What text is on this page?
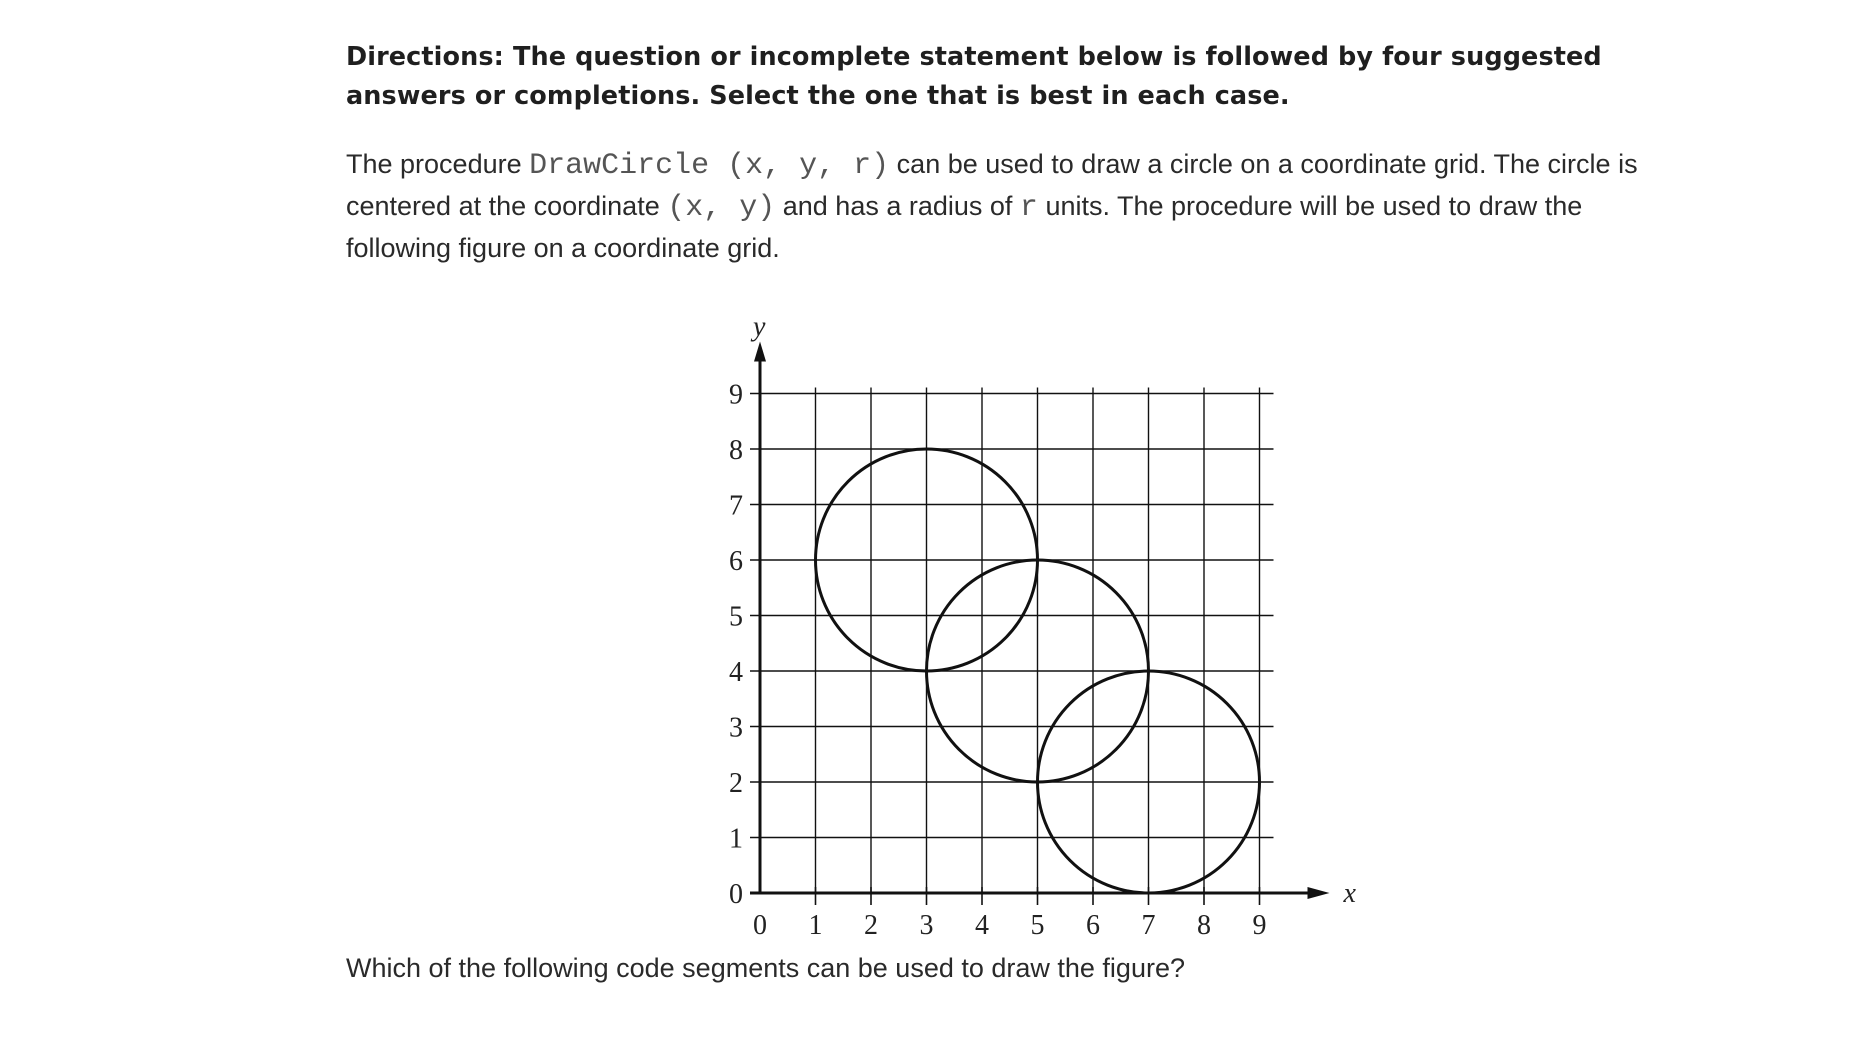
Directions: The question or incomplete statement below is followed by four suggested answers or completions. Select the one that is best in each case.

The procedure DrawCircle (x, y, r) can be used to draw a circle on a coordinate grid. The circle is centered at the coordinate (x, y) and has a radius of r units. The procedure will be used to draw the following figure on a coordinate grid.

0 1 2 3 4 5 6 7 8 9
0
1
2
3
4
5
6
7
8
9
x
y

Which of the following code segments can be used to draw the figure?
